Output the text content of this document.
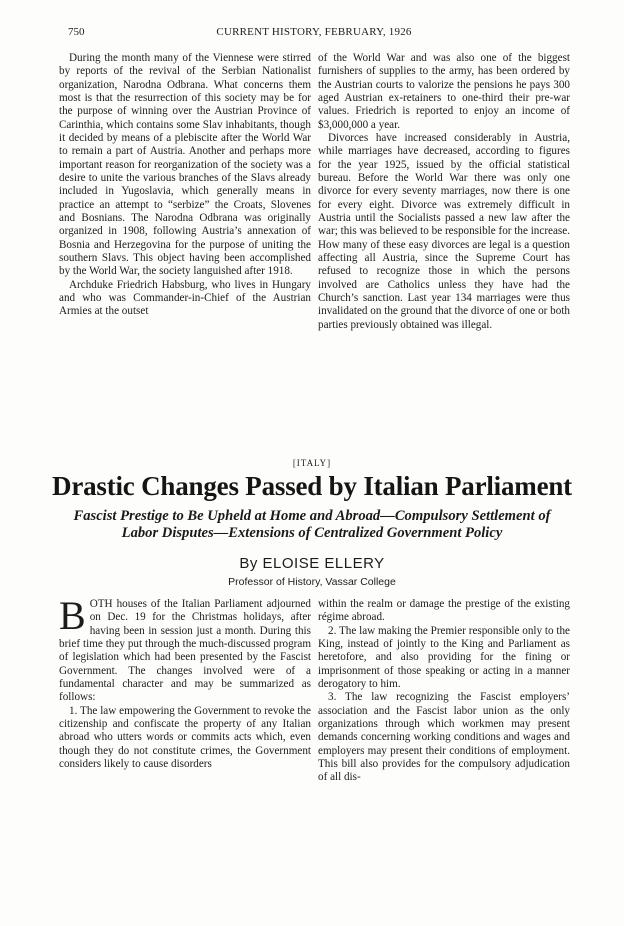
750	CURRENT HISTORY, FEBRUARY, 1926

During the month many of the Viennese were stirred by reports of the revival of the Serbian Nationalist organization, Narodna Odbrana. What concerns them most is that the resurrection of this society may be for the purpose of winning over the Austrian Province of Carinthia, which contains some Slav inhabitants, though it decided by means of a plebiscite after the World War to remain a part of Austria. Another and perhaps more important reason for reorganization of the society was a desire to unite the various branches of the Slavs already included in Yugoslavia, which generally means in practice an attempt to “serbize” the Croats, Slovenes and Bosnians. The Narodna Odbrana was originally organized in 1908, following Austria’s annexation of Bosnia and Herzegovina for the purpose of uniting the southern Slavs. This object having been accomplished by the World War, the society languished after 1918.

Archduke Friedrich Habsburg, who lives in Hungary and who was Commander-in-Chief of the Austrian Armies at the outset

of the World War and was also one of the biggest furnishers of supplies to the army, has been ordered by the Austrian courts to valorize the pensions he pays 300 aged Austrian ex-retainers to one-third their pre-war values. Friedrich is reported to enjoy an income of $3,000,000 a year.

Divorces have increased considerably in Austria, while marriages have decreased, according to figures for the year 1925, issued by the official statistical bureau. Before the World War there was only one divorce for every seventy marriages, now there is one for every eight. Divorce was extremely difficult in Austria until the Socialists passed a new law after the war; this was believed to be responsible for the increase. How many of these easy divorces are legal is a question affecting all Austria, since the Supreme Court has refused to recognize those in which the persons involved are Catholics unless they have had the Church’s sanction. Last year 134 marriages were thus invalidated on the ground that the divorce of one or both parties previously obtained was illegal.

[ITALY]
Drastic Changes Passed by Italian Parliament
Fascist Prestige to Be Upheld at Home and Abroad—Compulsory Settlement of Labor Disputes—Extensions of Centralized Government Policy
By ELOISE ELLERY
Professor of History, Vassar College

BOTH houses of the Italian Parliament adjourned on Dec. 19 for the Christmas holidays, after having been in session just a month. During this brief time they put through the much-discussed program of legislation which had been presented by the Fascist Government. The changes involved were of a fundamental character and may be summarized as follows:

1. The law empowering the Government to revoke the citizenship and confiscate the property of any Italian abroad who utters words or commits acts which, even though they do not constitute crimes, the Government considers likely to cause disorders

within the realm or damage the prestige of the existing régime abroad.

2. The law making the Premier responsible only to the King, instead of jointly to the King and Parliament as heretofore, and also providing for the fining or imprisonment of those speaking or acting in a manner derogatory to him.

3. The law recognizing the Fascist employers’ association and the Fascist labor union as the only organizations through which workmen may present demands concerning working conditions and wages and employers may present their conditions of employment. This bill also provides for the compulsory adjudication of all dis-
